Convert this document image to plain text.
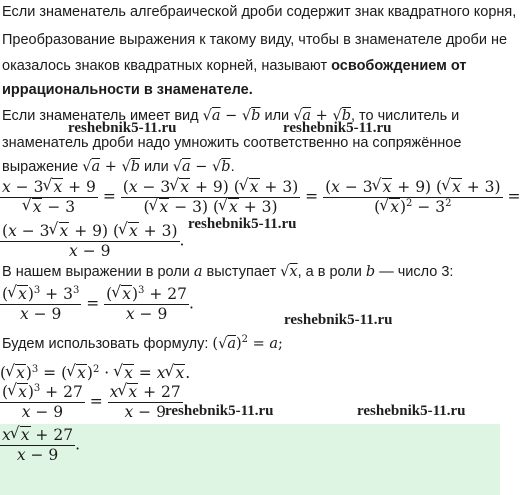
Если знаменатель алгебраической дроби содержит знак квадратного корня,
Преобразование выражения к такому виду, чтобы в знаменателе дроби не
оказалось знаков квадратных корней, называют освобождением от
иррациональности в знаменателе.
Если знаменатель имеет вид √a − √b или √a + √b, то числитель и
знаменатель дроби надо умножить соответственно на сопряжённое
выражение √a + √b или √a − √b.
x − 3 √ x + 9
√ $x - 3 = \frac{(x - 3 √ x + 9) ( √ x + 3)}{( √ x - 3) ( √ x + 3)} = \frac{(x - 3 √ x + 9) ( √ x + 3)}{( √ x)^2 - 3^2}$ =
$\frac{(x - 3 √ x + 9) ( √ x + 3)}{x - 9}$ .
В нашем выражении в роли a выступает √x, а в роли b — число 3:
$\frac{( √ x)^3 + 3^3}{x - 9} = \frac{( √ x)^3 + 27}{x - 9}$ .
Будем использовать формулу: $(√a)^2 = a$;
( √ x)$^3$ = ( √ x)$^2$ · √ x = x √ x.
$\frac{( √ x)^3 + 27}{x - 9} = \frac{x √ x + 27}{x - 9}$
$\frac{x √ x + 27}{x - 9}$ .
reshebnik5-11.ru	reshebnik5-11.ru
reshebnik5-11.ru
reshebnik5-11.ru
reshebnik5-11.ru	reshebnik5-11.ru
